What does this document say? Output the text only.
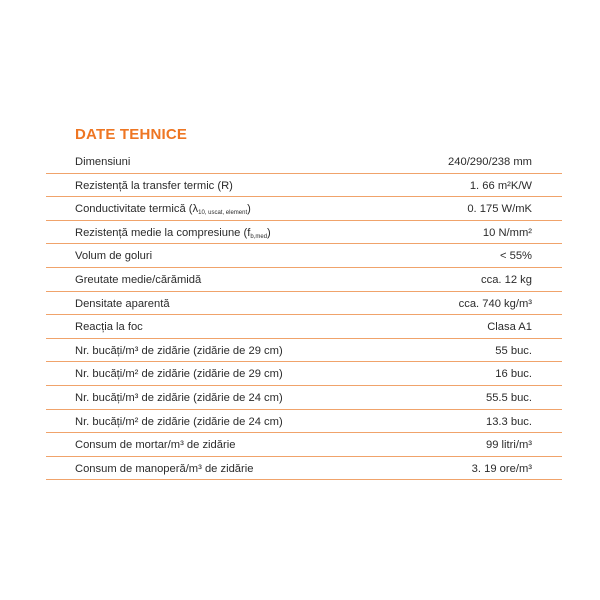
DATE TEHNICE
Dimensiuni	240/290/238 mm
Rezistență la transfer termic (R)	1. 66 m²K/W
Conductivitate termică $(\lambda_{10, uscat, element})$	0. 175 W/mK
Rezistență medie la compresiune $(f_{b,med})$	10 N/mm²
Volum de goluri	< 55%
Greutate medie/cărămidă	cca. 12 kg
Densitate aparentă	cca. 740 kg/m³
Reacția la foc	Clasa A1
Nr. bucăți/m³ de zidărie (zidărie de 29 cm)	55 buc.
Nr. bucăți/m² de zidărie (zidărie de 29 cm)	16 buc.
Nr. bucăți/m³ de zidărie (zidărie de 24 cm)	55.5 buc.
Nr. bucăți/m² de zidărie (zidărie de 24 cm)	13.3 buc.
Consum de mortar/m³ de zidărie	99 litri/m³
Consum de manoperă/m³ de zidărie	3. 19 ore/m³
